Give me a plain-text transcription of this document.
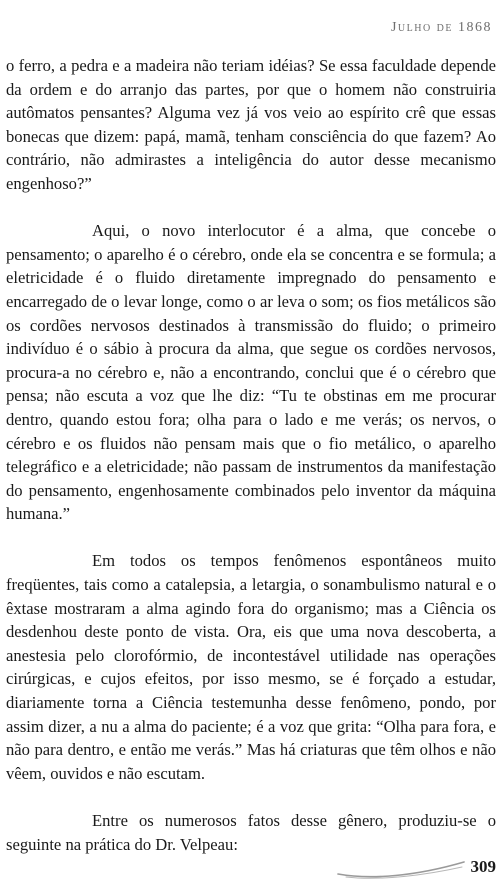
Julho de 1868

o ferro, a pedra e a madeira não teriam idéias? Se essa faculdade depende da ordem e do arranjo das partes, por que o homem não construiria autômatos pensantes? Alguma vez já vos veio ao espírito crê que essas bonecas que dizem: papá, mamã, tenham consciência do que fazem? Ao contrário, não admirastes a inteligência do autor desse mecanismo engenhoso?”

Aqui, o novo interlocutor é a alma, que concebe o pensamento; o aparelho é o cérebro, onde ela se concentra e se formula; a eletricidade é o fluido diretamente impregnado do pensamento e encarregado de o levar longe, como o ar leva o som; os fios metálicos são os cordões nervosos destinados à transmissão do fluido; o primeiro indivíduo é o sábio à procura da alma, que segue os cordões nervosos, procura-a no cérebro e, não a encontrando, conclui que é o cérebro que pensa; não escuta a voz que lhe diz: “Tu te obstinas em me procurar dentro, quando estou fora; olha para o lado e me verás; os nervos, o cérebro e os fluidos não pensam mais que o fio metálico, o aparelho telegráfico e a eletricidade; não passam de instrumentos da manifestação do pensamento, engenhosamente combinados pelo inventor da máquina humana.”

Em todos os tempos fenômenos espontâneos muito freqüentes, tais como a catalepsia, a letargia, o sonambulismo natural e o êxtase mostraram a alma agindo fora do organismo; mas a Ciência os desdenhou deste ponto de vista. Ora, eis que uma nova descoberta, a anestesia pelo clorofórmio, de incontestável utilidade nas operações cirúrgicas, e cujos efeitos, por isso mesmo, se é forçado a estudar, diariamente torna a Ciência testemunha desse fenômeno, pondo, por assim dizer, a nu a alma do paciente; é a voz que grita: “Olha para fora, e não para dentro, e então me verás.” Mas há criaturas que têm olhos e não vêem, ouvidos e não escutam.

Entre os numerosos fatos desse gênero, produziu-se o seguinte na prática do Dr. Velpeau:

309
